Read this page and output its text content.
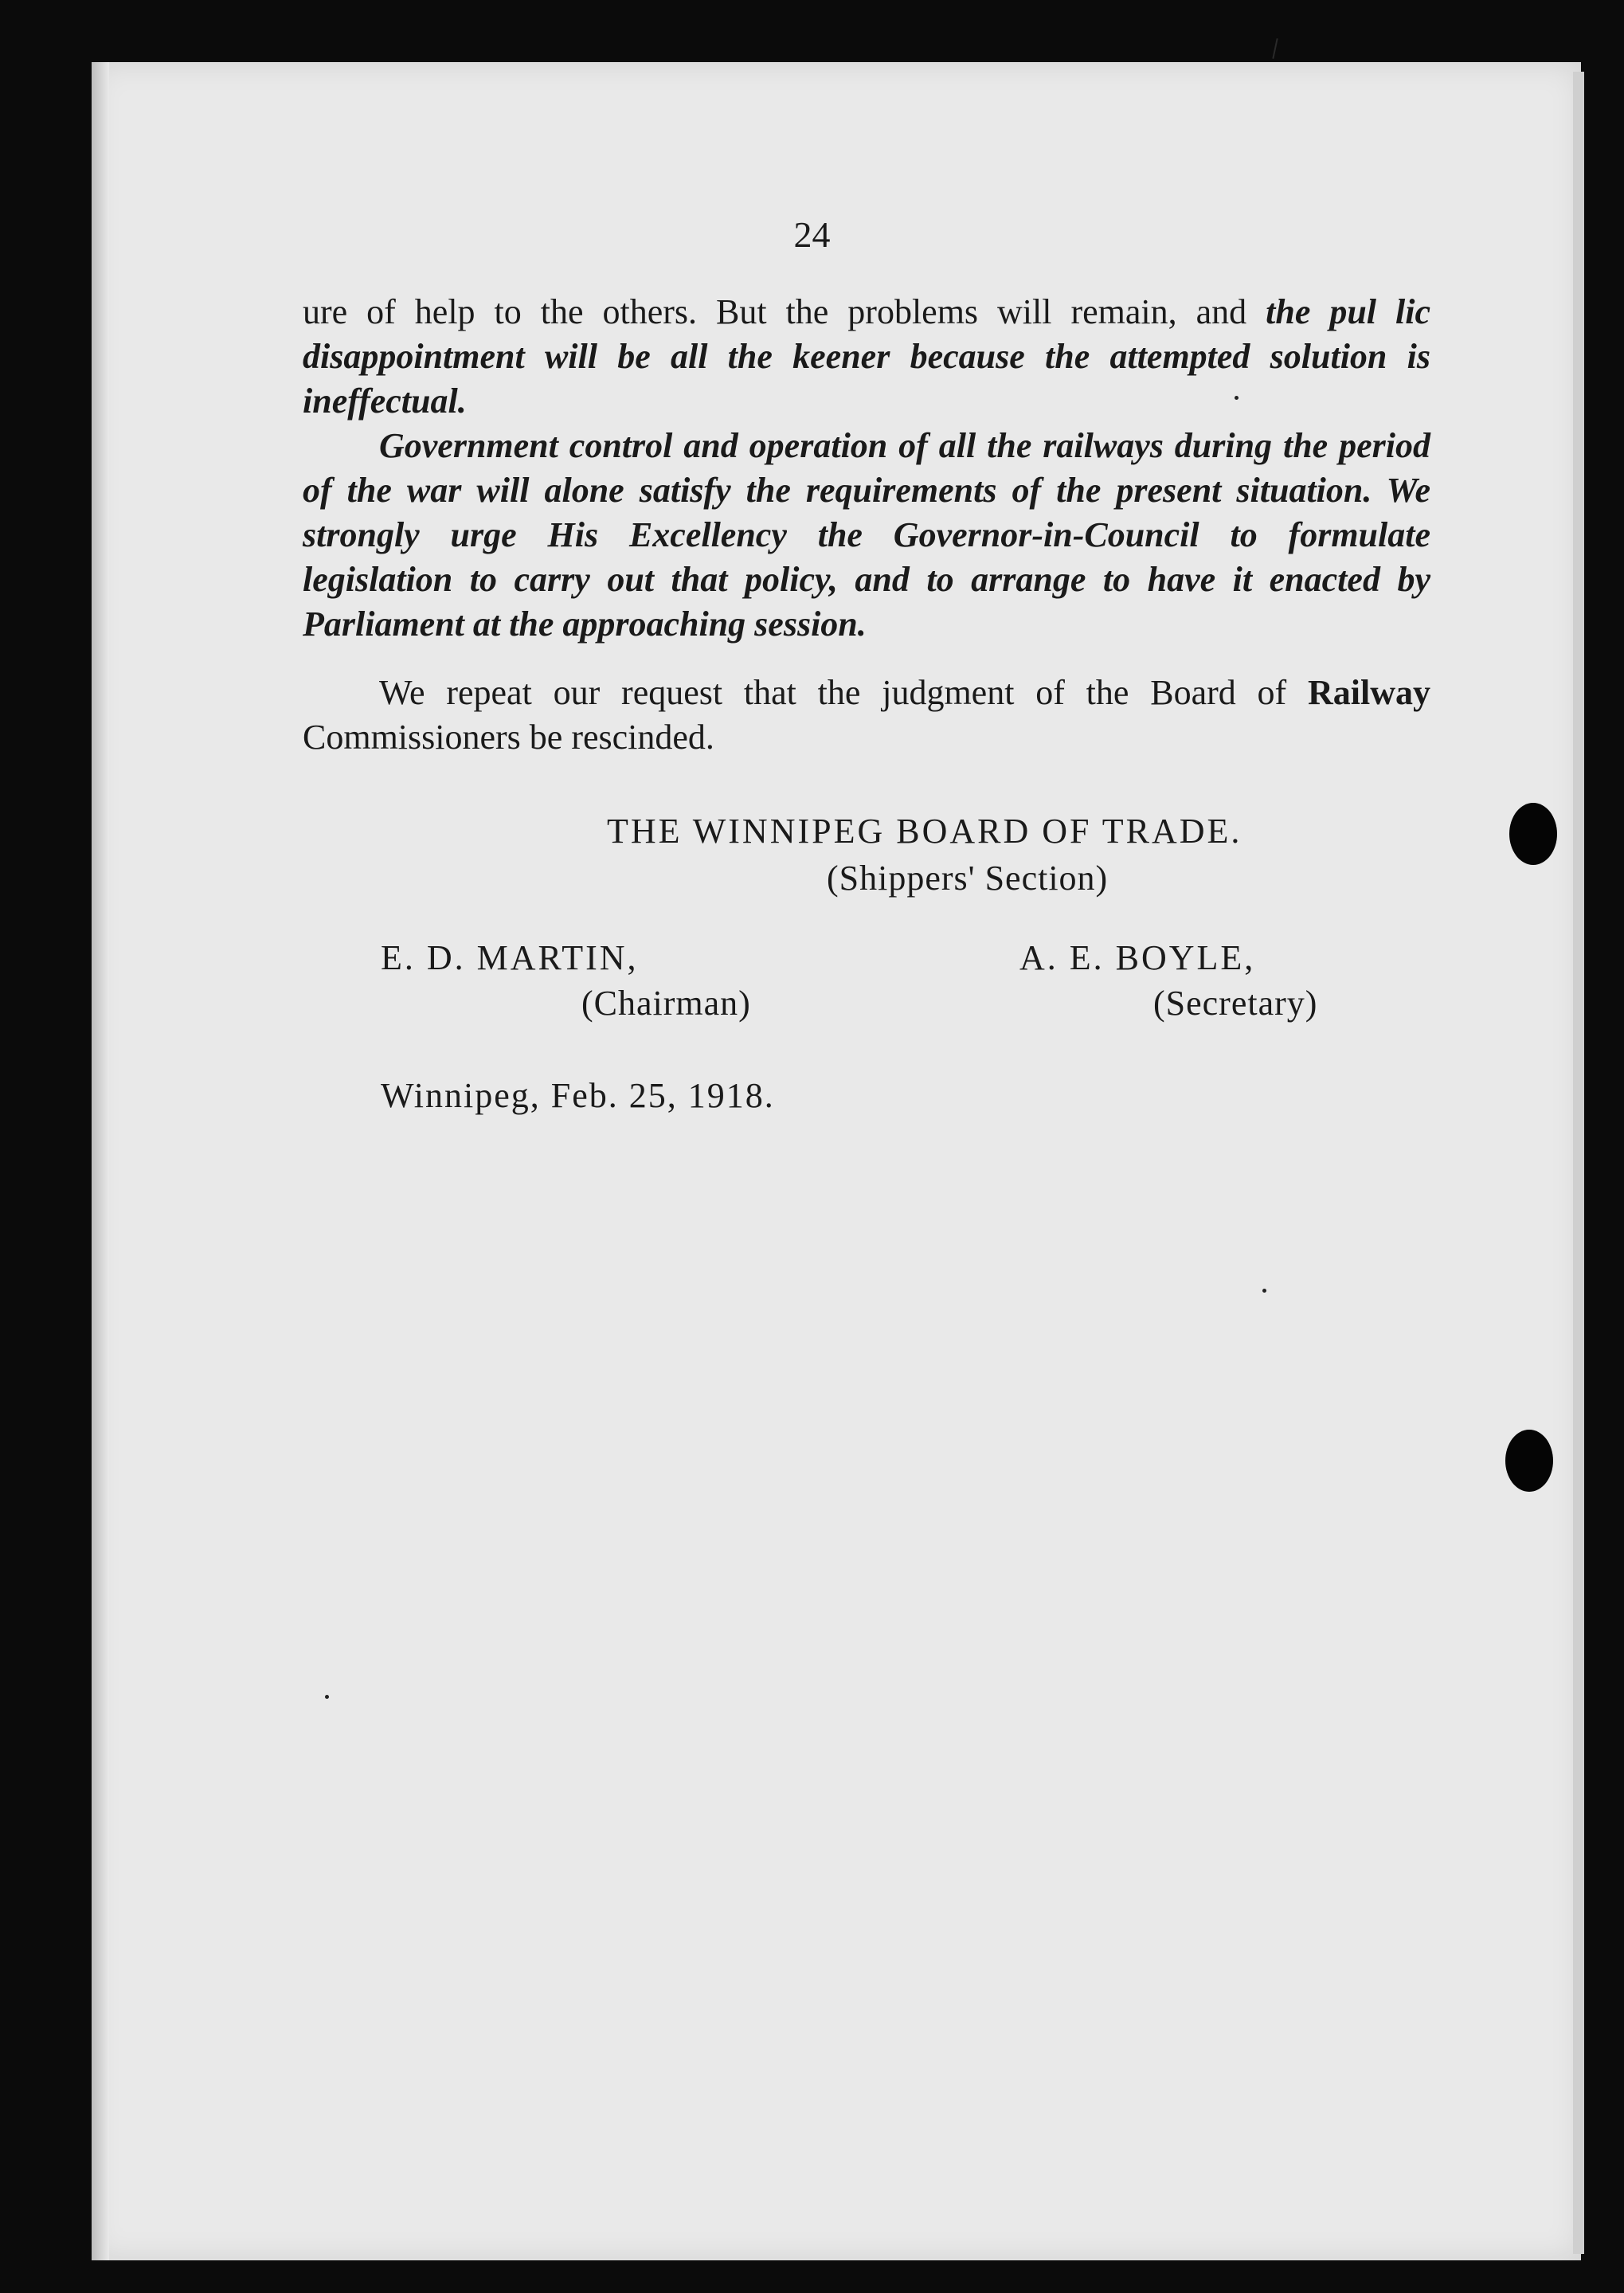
24

ure of help to the others. But the problems will remain, and the pul lic disappointment will be all the keener because the attempted solution is ineffectual.

Government control and operation of all the railways during the period of the war will alone satisfy the requirements of the present situation. We strongly urge His Excellency the Governor-in-Council to formulate legislation to carry out that policy, and to arrange to have it enacted by Parliament at the approaching session.

We repeat our request that the judgment of the Board of Railway Commissioners be rescinded.

THE WINNIPEG BOARD OF TRADE.
(Shippers' Section)
E. D. MARTIN,
(Chairman)
A. E. BOYLE,
(Secretary)
Winnipeg, Feb. 25, 1918.
